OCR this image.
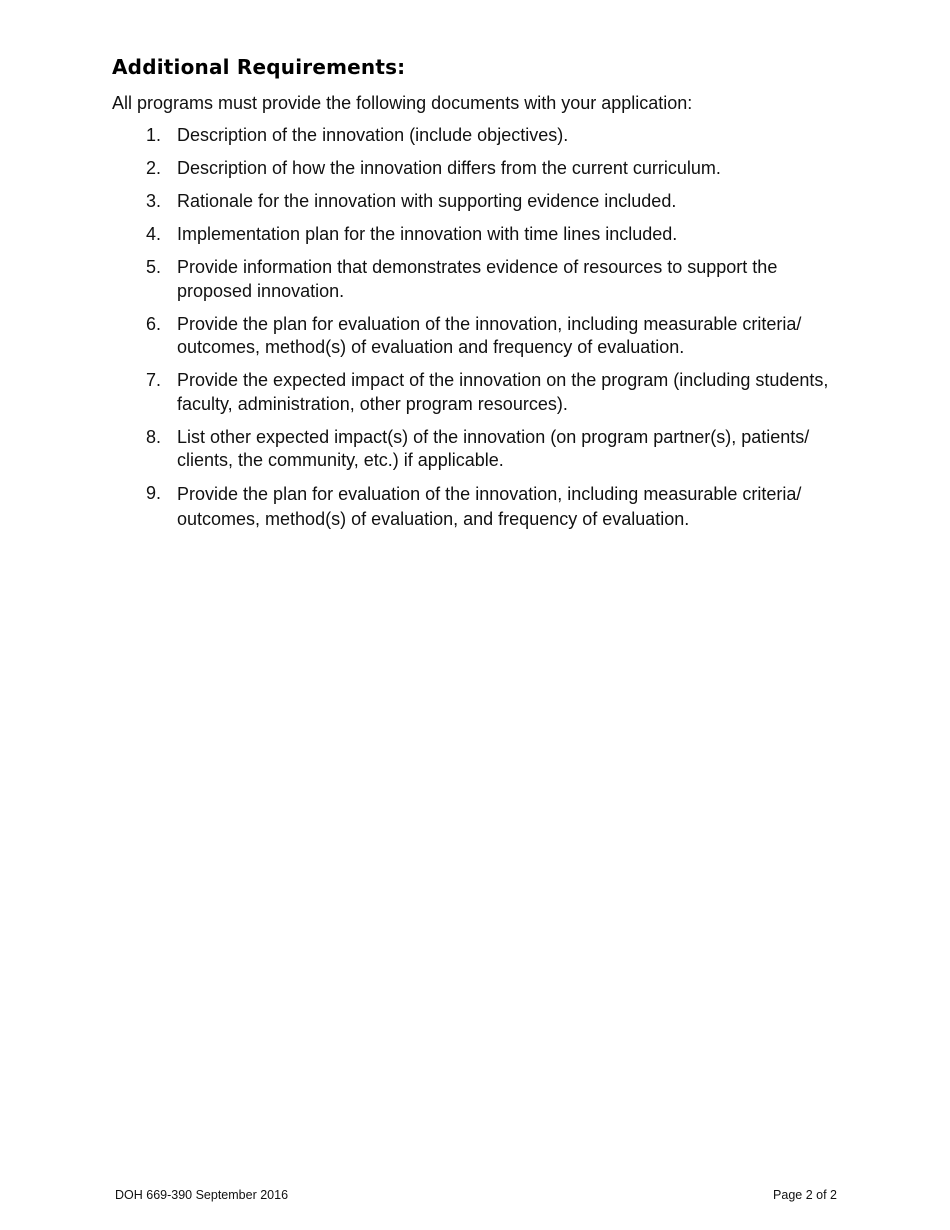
Additional Requirements:

All programs must provide the following documents with your application:

1. Description of the innovation (include objectives).
2. Description of how the innovation differs from the current curriculum.
3. Rationale for the innovation with supporting evidence included.
4. Implementation plan for the innovation with time lines included.
5. Provide information that demonstrates evidence of resources to support the proposed innovation.
6. Provide the plan for evaluation of the innovation, including measurable criteria/ outcomes, method(s) of evaluation and frequency of evaluation.
7. Provide the expected impact of the innovation on the program (including students, faculty, administration, other program resources).
8. List other expected impact(s) of the innovation (on program partner(s), patients/ clients, the community, etc.) if applicable.
9. Provide the plan for evaluation of the innovation, including measurable criteria/ outcomes, method(s) of evaluation, and frequency of evaluation.
DOH 669-390 September 2016	Page 2 of 2
